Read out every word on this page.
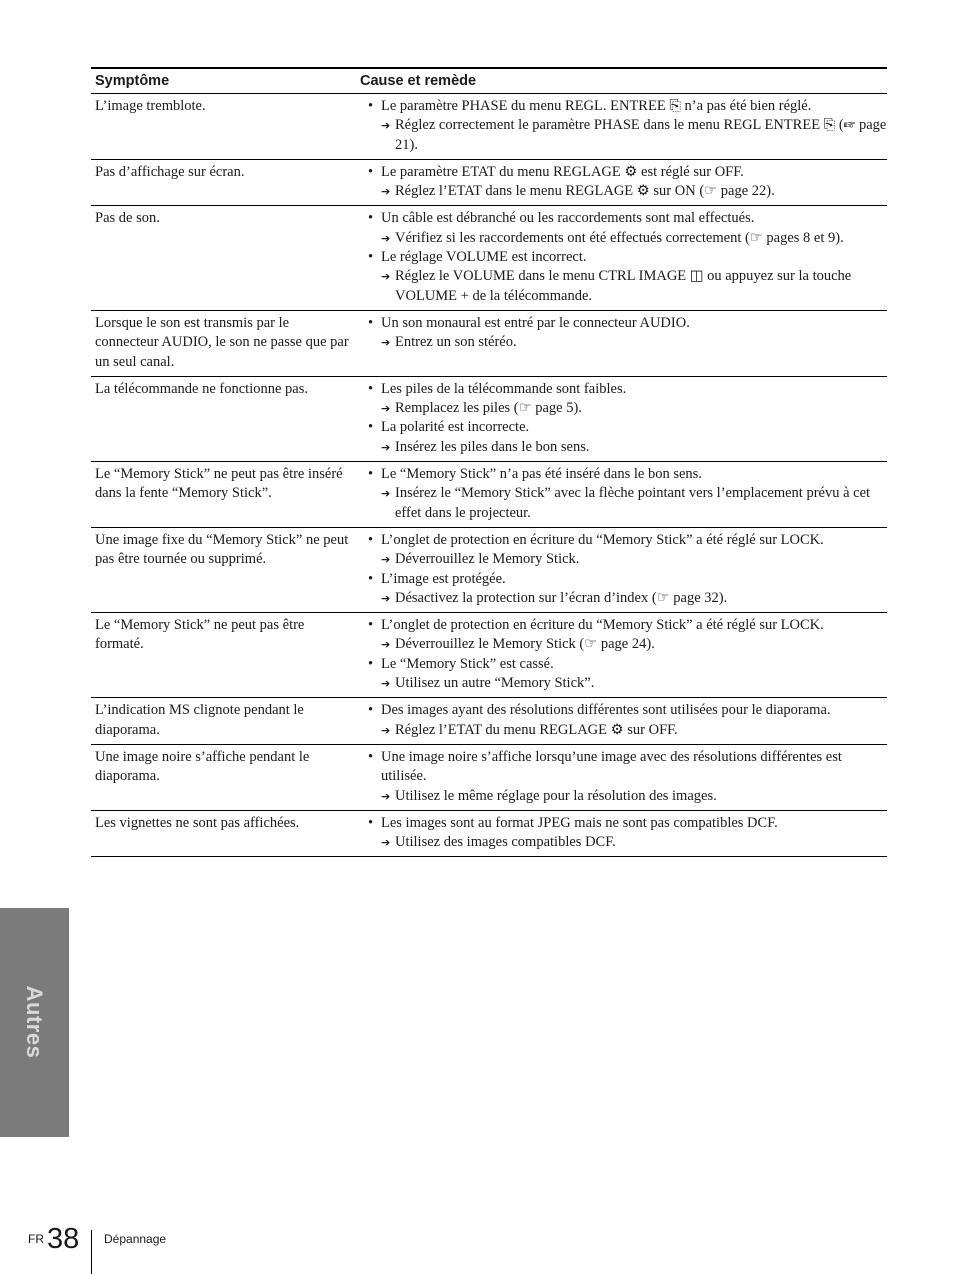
Symptôme	Cause et remède
L’image tremblote.	• Le paramètre PHASE du menu REGL. ENTREE ⎘ n’a pas été bien réglé.
➔ Réglez correctement le paramètre PHASE dans le menu REGL ENTREE ⎘ (☞ page 21).

Pas d’affichage sur écran.	• Le paramètre ETAT du menu REGLAGE ⚙ est réglé sur OFF.
➔ Réglez l’ETAT dans le menu REGLAGE ⚙ sur ON (☞ page 22).

Pas de son.	• Un câble est débranché ou les raccordements sont mal effectués.
➔ Vérifiez si les raccordements ont été effectués correctement (☞ pages 8 et 9).
• Le réglage VOLUME est incorrect.
➔ Réglez le VOLUME dans le menu CTRL IMAGE ◫ ou appuyez sur la touche VOLUME + de la télécommande.

Lorsque le son est transmis par le connecteur AUDIO, le son ne passe que par un seul canal.	• Un son monaural est entré par le connecteur AUDIO.
➔ Entrez un son stéréo.

La télécommande ne fonctionne pas.	• Les piles de la télécommande sont faibles.
➔ Remplacez les piles (☞ page 5).
• La polarité est incorrecte.
➔ Insérez les piles dans le bon sens.

Le “Memory Stick” ne peut pas être inséré dans la fente “Memory Stick”.	• Le “Memory Stick” n’a pas été inséré dans le bon sens.
➔ Insérez le “Memory Stick” avec la flèche pointant vers l’emplacement prévu à cet effet dans le projecteur.

Une image fixe du “Memory Stick” ne peut pas être tournée ou supprimé.	• L’onglet de protection en écriture du “Memory Stick” a été réglé sur LOCK.
➔ Déverrouillez le Memory Stick.
• L’image est protégée.
➔ Désactivez la protection sur l’écran d’index (☞ page 32).

Le “Memory Stick” ne peut pas être formaté.	• L’onglet de protection en écriture du “Memory Stick” a été réglé sur LOCK.
➔ Déverrouillez le Memory Stick (☞ page 24).
• Le “Memory Stick” est cassé.
➔ Utilisez un autre “Memory Stick”.

L’indication MS clignote pendant le diaporama.	• Des images ayant des résolutions différentes sont utilisées pour le diaporama.
➔ Réglez l’ETAT du menu REGLAGE ⚙ sur OFF.

Une image noire s’affiche pendant le diaporama.	• Une image noire s’affiche lorsqu’une image avec des résolutions différentes est utilisée.
➔ Utilisez le même réglage pour la résolution des images.

Les vignettes ne sont pas affichées.	• Les images sont au format JPEG mais ne sont pas compatibles DCF.
➔ Utilisez des images compatibles DCF.
Autres
FR 38 Dépannage
